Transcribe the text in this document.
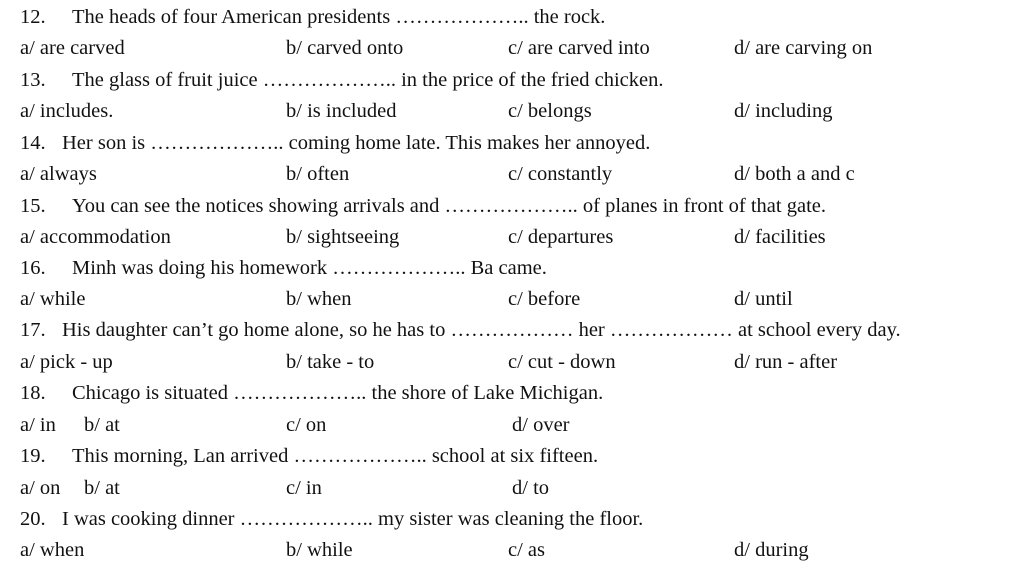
12. The heads of four American presidents ……………….. the rock.
a/ are carved	b/ carved onto	c/ are carved into	d/ are carving on
13. The glass of fruit juice ……………….. in the price of the fried chicken.
a/ includes.	b/ is included	c/ belongs	d/ including
14. Her son is ……………….. coming home late. This makes her annoyed.
a/ always	b/ often	c/ constantly	d/ both a and c
15. You can see the notices showing arrivals and ……………….. of planes in front of that gate.
a/ accommodation	b/ sightseeing	c/ departures	d/ facilities
16. Minh was doing his homework ……………….. Ba came.
a/ while	b/ when	c/ before	d/ until
17. His daughter can’t go home alone, so he has to ……………… her ……………… at school every day.
a/ pick - up	b/ take - to	c/ cut - down	d/ run - after
18. Chicago is situated ……………….. the shore of Lake Michigan.
a/ in b/ at	c/ on	d/ over
19. This morning, Lan arrived ……………….. school at six fifteen.
a/ on b/ at	c/ in	d/ to
20. I was cooking dinner ……………….. my sister was cleaning the floor.
a/ when	b/ while	c/ as	d/ during
